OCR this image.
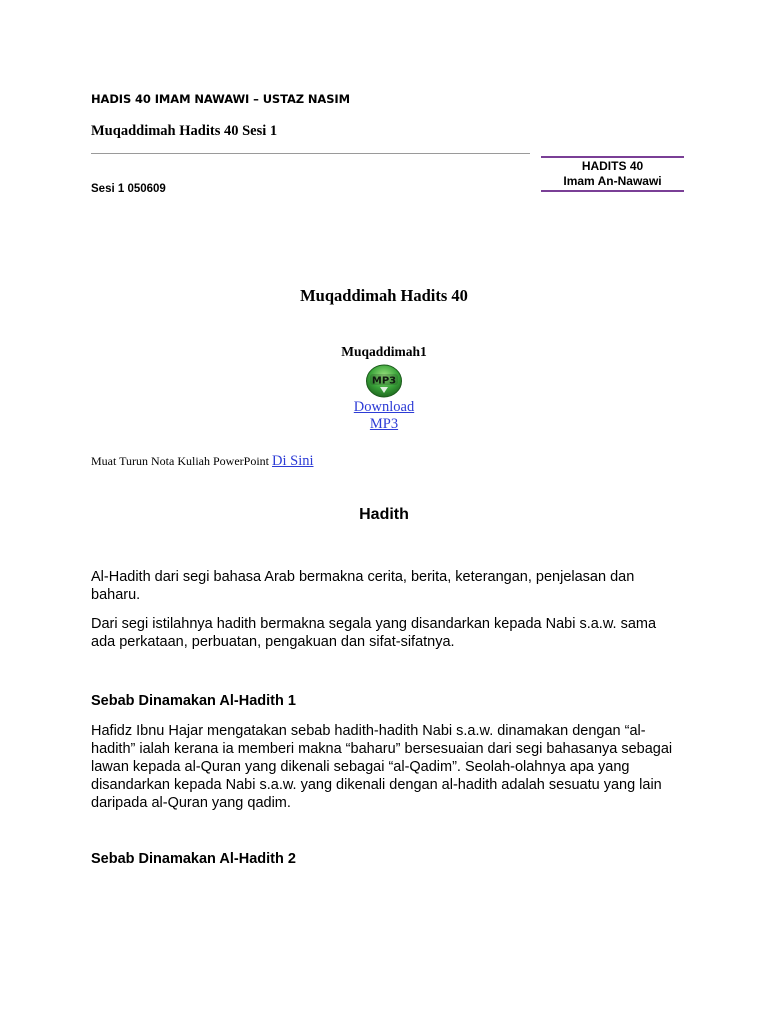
HADIS 40 IMAM NAWAWI – USTAZ NASIM
Muqaddimah Hadits 40 Sesi 1
HADITS 40
Imam An-Nawawi
Sesi 1 050609
Muqaddimah Hadits 40
Muqaddimah1
MP3
Download
MP3
Muat Turun Nota Kuliah PowerPoint Di Sini
Hadith

Al-Hadith dari segi bahasa Arab bermakna cerita, berita, keterangan, penjelasan dan baharu.

Dari segi istilahnya hadith bermakna segala yang disandarkan kepada Nabi s.a.w. sama ada perkataan, perbuatan, pengakuan dan sifat-sifatnya.

Sebab Dinamakan Al-Hadith 1

Hafidz Ibnu Hajar mengatakan sebab hadith-hadith Nabi s.a.w. dinamakan dengan “al-hadith” ialah kerana ia memberi makna “baharu” bersesuaian dari segi bahasanya sebagai lawan kepada al-Quran yang dikenali sebagai “al-Qadim”. Seolah-olahnya apa yang disandarkan kepada Nabi s.a.w. yang dikenali dengan al-hadith adalah sesuatu yang lain daripada al-Quran yang qadim.

Sebab Dinamakan Al-Hadith 2
